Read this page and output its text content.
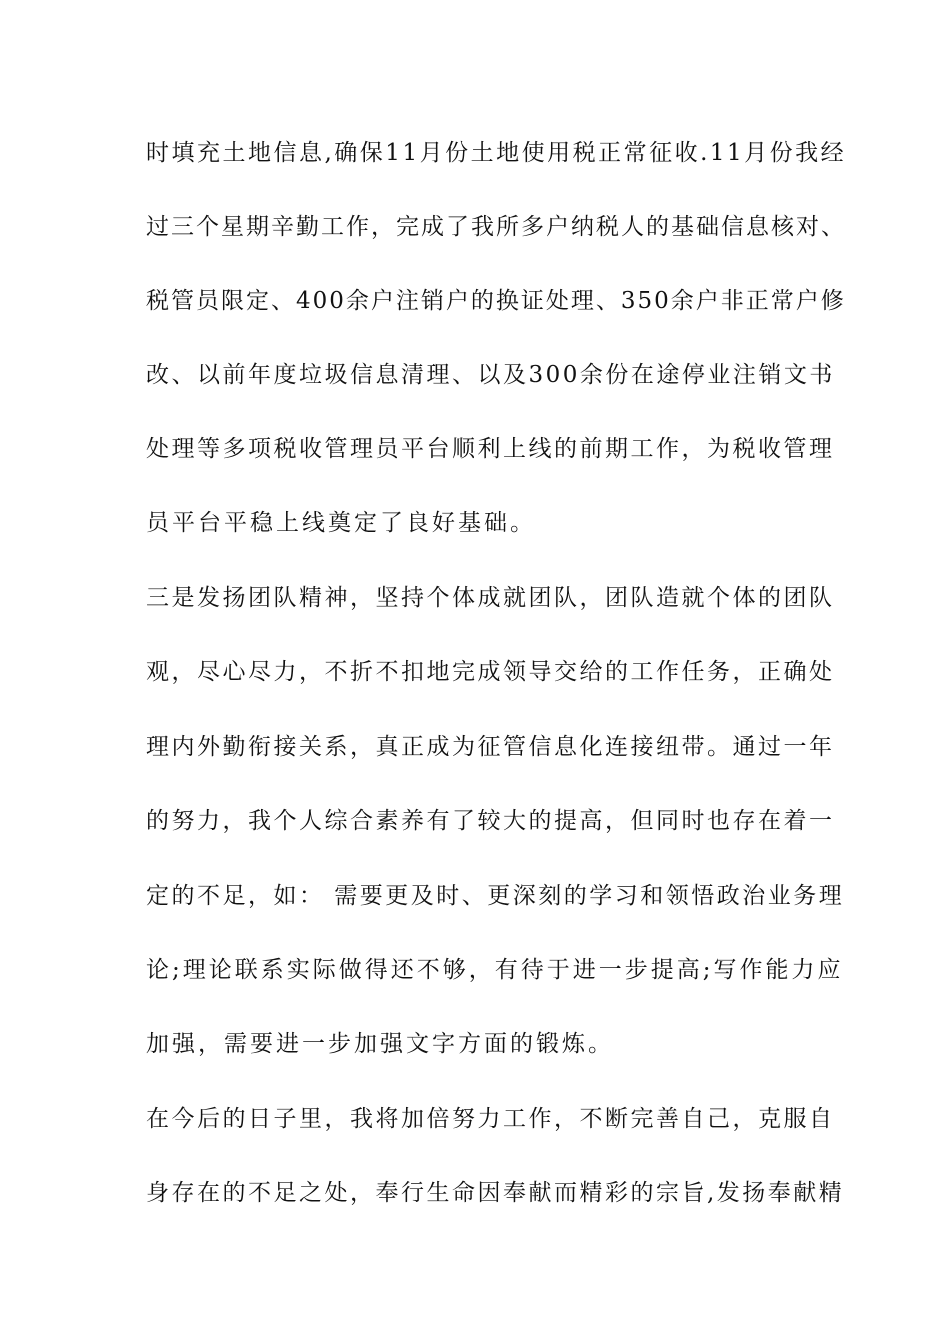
时填充土地信息,确保11月份土地使用税正常征收.11月份我经
过三个星期辛勤工作，完成了我所多户纳税人的基础信息核对、
税管员限定、400余户注销户的换证处理、350余户非正常户修
改、以前年度垃圾信息清理、以及300余份在途停业注销文书
处理等多项税收管理员平台顺利上线的前期工作，为税收管理
员平台平稳上线奠定了良好基础。
三是发扬团队精神，坚持个体成就团队，团队造就个体的团队
观，尽心尽力，不折不扣地完成领导交给的工作任务，正确处
理内外勤衔接关系，真正成为征管信息化连接纽带。通过一年
的努力，我个人综合素养有了较大的提高，但同时也存在着一
定的不足，如： 需要更及时、更深刻的学习和领悟政治业务理
论;理论联系实际做得还不够，有待于进一步提高;写作能力应
加强，需要进一步加强文字方面的锻炼。
在今后的日子里，我将加倍努力工作，不断完善自己，克服自
身存在的不足之处，奉行生命因奉献而精彩的宗旨,发扬奉献精
